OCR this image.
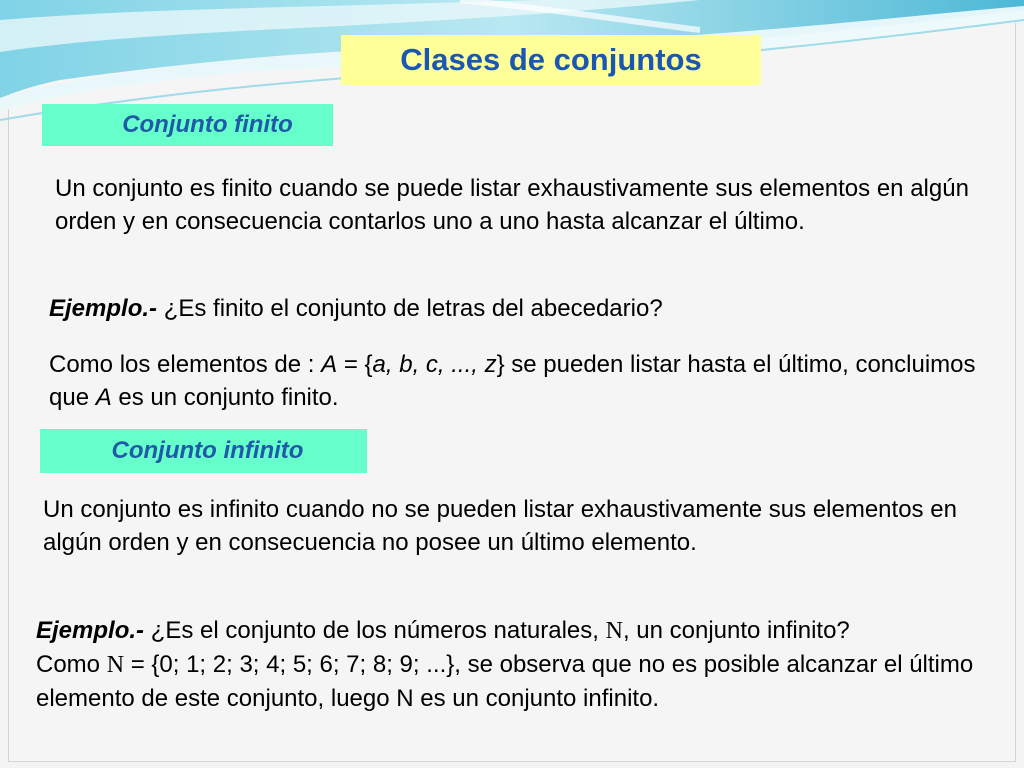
Clases de conjuntos
Conjunto finito
Un conjunto es finito cuando se puede listar exhaustivamente sus elementos en algún orden y en consecuencia contarlos uno a uno hasta alcanzar el último.
Ejemplo.- ¿Es finito el conjunto de letras del abecedario?
Como los elementos de : A = {a, b, c, ..., z} se pueden listar hasta el último, concluimos que A es un conjunto finito.
Conjunto infinito
Un conjunto es infinito cuando no se pueden listar exhaustivamente sus elementos en algún orden y en consecuencia no posee un último elemento.
Ejemplo.- ¿Es el conjunto de los números naturales, N, un conjunto infinito?
Como N = {0; 1; 2; 3; 4; 5; 6; 7; 8; 9; ...}, se observa que no es posible alcanzar el último elemento de este conjunto, luego N es un conjunto infinito.
